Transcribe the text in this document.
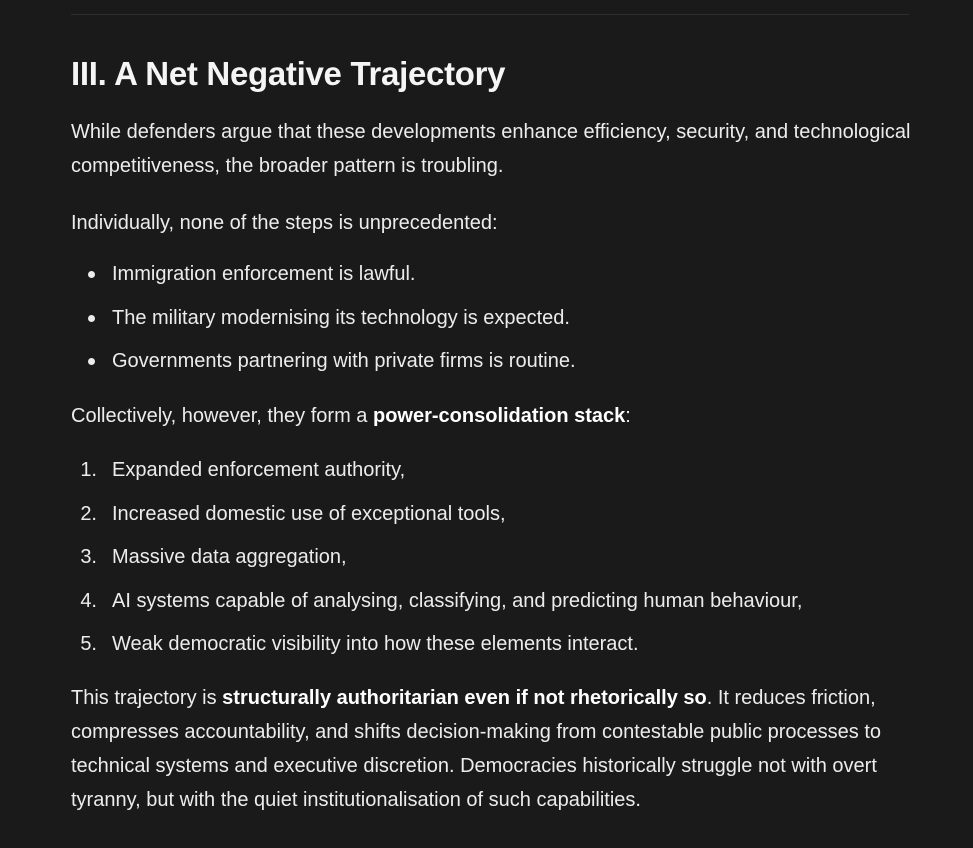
III. A Net Negative Trajectory

While defenders argue that these developments enhance efficiency, security, and technological competitiveness, the broader pattern is troubling.

Individually, none of the steps is unprecedented:

Immigration enforcement is lawful.
The military modernising its technology is expected.
Governments partnering with private firms is routine.

Collectively, however, they form a power-consolidation stack:

1. Expanded enforcement authority,
2. Increased domestic use of exceptional tools,
3. Massive data aggregation,
4. AI systems capable of analysing, classifying, and predicting human behaviour,
5. Weak democratic visibility into how these elements interact.

This trajectory is structurally authoritarian even if not rhetorically so. It reduces friction, compresses accountability, and shifts decision-making from contestable public processes to technical systems and executive discretion. Democracies historically struggle not with overt tyranny, but with the quiet institutionalisation of such capabilities.
